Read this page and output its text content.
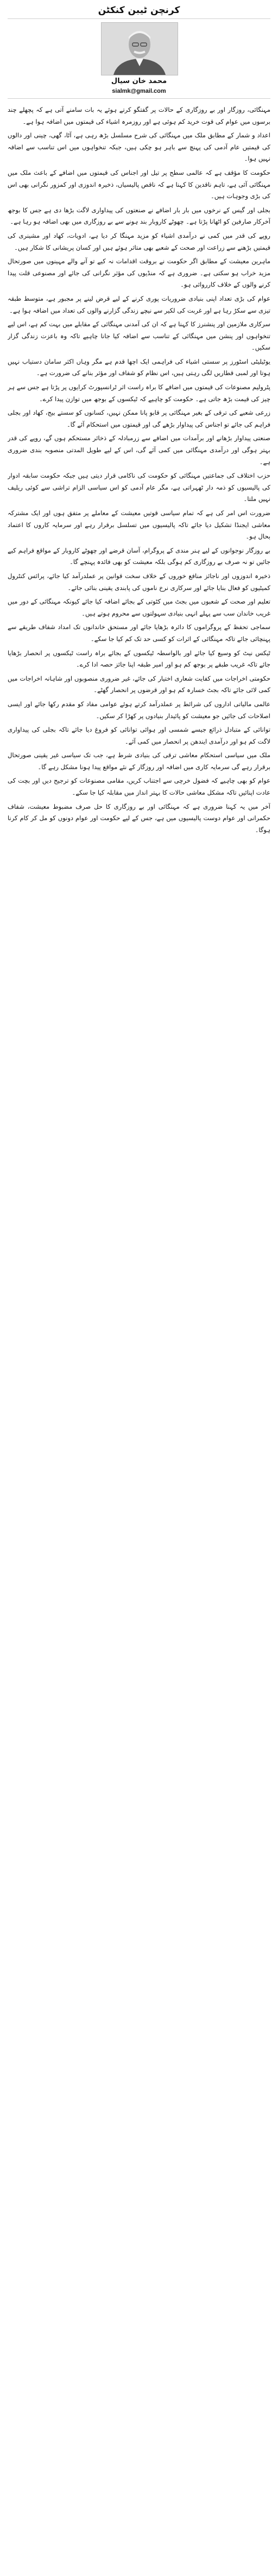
کرنچن ٹیبن کنکٹن

محمد خان سیال

sialmk@gmail.com

مہنگائی، روزگار اور بے روزگاری کے حالات پر گفتگو کرتے ہوئے یہ بات سامنے آتی ہے کہ پچھلے چند برسوں میں عوام کی قوت خرید کم ہوئی ہے اور روزمرہ اشیاء کی قیمتوں میں اضافہ ہوا ہے۔

اعداد و شمار کے مطابق ملک میں مہنگائی کی شرح مسلسل بڑھ رہی ہے، آٹا، گھی، چینی اور دالوں کی قیمتیں عام آدمی کی پہنچ سے باہر ہو چکی ہیں، جبکہ تنخواہوں میں اس تناسب سے اضافہ نہیں ہوا۔

حکومت کا مؤقف ہے کہ عالمی سطح پر تیل اور اجناس کی قیمتوں میں اضافے کے باعث ملک میں مہنگائی آئی ہے، تاہم ناقدین کا کہنا ہے کہ ناقص پالیسیاں، ذخیرہ اندوزی اور کمزور نگرانی بھی اس کی بڑی وجوہات ہیں۔

بجلی اور گیس کے نرخوں میں بار بار اضافے نے صنعتوں کی پیداواری لاگت بڑھا دی ہے جس کا بوجھ آخرکار صارفین کو اٹھانا پڑتا ہے۔ چھوٹے کاروبار بند ہونے سے بے روزگاری میں بھی اضافہ ہو رہا ہے۔

روپے کی قدر میں کمی نے درآمدی اشیاء کو مزید مہنگا کر دیا ہے، ادویات، کھاد اور مشینری کی قیمتیں بڑھنے سے زراعت اور صحت کے شعبے بھی متاثر ہوئے ہیں اور کسان پریشانی کا شکار ہیں۔

ماہرین معیشت کے مطابق اگر حکومت نے بروقت اقدامات نہ کیے تو آنے والے مہینوں میں صورتحال مزید خراب ہو سکتی ہے۔ ضروری ہے کہ منڈیوں کی مؤثر نگرانی کی جائے اور مصنوعی قلت پیدا کرنے والوں کے خلاف کارروائی ہو۔

عوام کی بڑی تعداد اپنی بنیادی ضروریات پوری کرنے کے لیے قرض لینے پر مجبور ہے، متوسط طبقہ تیزی سے سکڑ رہا ہے اور غربت کی لکیر سے نیچے زندگی گزارنے والوں کی تعداد میں اضافہ ہوا ہے۔

سرکاری ملازمین اور پنشنرز کا کہنا ہے کہ ان کی آمدنی مہنگائی کے مقابلے میں بہت کم ہے، اس لیے تنخواہوں اور پنشن میں مہنگائی کے تناسب سے اضافہ کیا جانا چاہیے تاکہ وہ باعزت زندگی گزار سکیں۔

یوٹیلیٹی اسٹورز پر سستی اشیاء کی فراہمی ایک اچھا قدم ہے مگر وہاں اکثر سامان دستیاب نہیں ہوتا اور لمبی قطاریں لگی رہتی ہیں، اس نظام کو شفاف اور مؤثر بنانے کی ضرورت ہے۔

پٹرولیم مصنوعات کی قیمتوں میں اضافے کا براہ راست اثر ٹرانسپورٹ کرایوں پر پڑتا ہے جس سے ہر چیز کی قیمت بڑھ جاتی ہے۔ حکومت کو چاہیے کہ ٹیکسوں کے بوجھ میں توازن پیدا کرے۔

زرعی شعبے کی ترقی کے بغیر مہنگائی پر قابو پانا ممکن نہیں، کسانوں کو سستے بیج، کھاد اور بجلی فراہم کی جائے تو اجناس کی پیداوار بڑھے گی اور قیمتوں میں استحکام آئے گا۔

صنعتی پیداوار بڑھانے اور برآمدات میں اضافے سے زرمبادلہ کے ذخائر مستحکم ہوں گے، روپے کی قدر بہتر ہوگی اور درآمدی مہنگائی میں کمی آئے گی، اس کے لیے طویل المدتی منصوبہ بندی ضروری ہے۔

حزب اختلاف کی جماعتیں مہنگائی کو حکومت کی ناکامی قرار دیتی ہیں جبکہ حکومت سابقہ ادوار کی پالیسیوں کو ذمہ دار ٹھہراتی ہے، مگر عام آدمی کو اس سیاسی الزام تراشی سے کوئی ریلیف نہیں ملتا۔

ضرورت اس امر کی ہے کہ تمام سیاسی قوتیں معیشت کے معاملے پر متفق ہوں اور ایک مشترکہ معاشی ایجنڈا تشکیل دیا جائے تاکہ پالیسیوں میں تسلسل برقرار رہے اور سرمایہ کاروں کا اعتماد بحال ہو۔

بے روزگار نوجوانوں کے لیے ہنر مندی کے پروگرام، آسان قرضے اور چھوٹے کاروبار کے مواقع فراہم کیے جائیں تو نہ صرف بے روزگاری کم ہوگی بلکہ معیشت کو بھی فائدہ پہنچے گا۔

ذخیرہ اندوزوں اور ناجائز منافع خوروں کے خلاف سخت قوانین پر عملدرآمد کیا جائے، پرائس کنٹرول کمیٹیوں کو فعال بنایا جائے اور سرکاری نرخ ناموں کی پابندی یقینی بنائی جائے۔

تعلیم اور صحت کے شعبوں میں بجٹ میں کٹوتی کے بجائے اضافہ کیا جائے کیونکہ مہنگائی کے دور میں غریب خاندان سب سے پہلے انہی بنیادی سہولتوں سے محروم ہوتے ہیں۔

سماجی تحفظ کے پروگراموں کا دائرہ بڑھایا جائے اور مستحق خاندانوں تک امداد شفاف طریقے سے پہنچائی جائے تاکہ مہنگائی کے اثرات کو کسی حد تک کم کیا جا سکے۔

ٹیکس نیٹ کو وسیع کیا جائے اور بالواسطہ ٹیکسوں کے بجائے براہ راست ٹیکسوں پر انحصار بڑھایا جائے تاکہ غریب طبقے پر بوجھ کم ہو اور امیر طبقہ اپنا جائز حصہ ادا کرے۔

حکومتی اخراجات میں کفایت شعاری اختیار کی جائے، غیر ضروری منصوبوں اور شاہانہ اخراجات میں کمی لائی جائے تاکہ بجٹ خسارہ کم ہو اور قرضوں پر انحصار گھٹے۔

عالمی مالیاتی اداروں کی شرائط پر عملدرآمد کرتے ہوئے عوامی مفاد کو مقدم رکھا جائے اور ایسی اصلاحات کی جائیں جو معیشت کو پائیدار بنیادوں پر کھڑا کر سکیں۔

توانائی کے متبادل ذرائع جیسے شمسی اور ہوائی توانائی کو فروغ دیا جائے تاکہ بجلی کی پیداواری لاگت کم ہو اور درآمدی ایندھن پر انحصار میں کمی آئے۔

ملک میں سیاسی استحکام معاشی ترقی کی بنیادی شرط ہے، جب تک سیاسی غیر یقینی صورتحال برقرار رہے گی سرمایہ کاری میں اضافہ اور روزگار کے نئے مواقع پیدا ہونا مشکل رہے گا۔

عوام کو بھی چاہیے کہ فضول خرچی سے اجتناب کریں، مقامی مصنوعات کو ترجیح دیں اور بچت کی عادت اپنائیں تاکہ مشکل معاشی حالات کا بہتر انداز میں مقابلہ کیا جا سکے۔

آخر میں یہ کہنا ضروری ہے کہ مہنگائی اور بے روزگاری کا حل صرف مضبوط معیشت، شفاف حکمرانی اور عوام دوست پالیسیوں میں ہے، جس کے لیے حکومت اور عوام دونوں کو مل کر کام کرنا ہوگا۔
